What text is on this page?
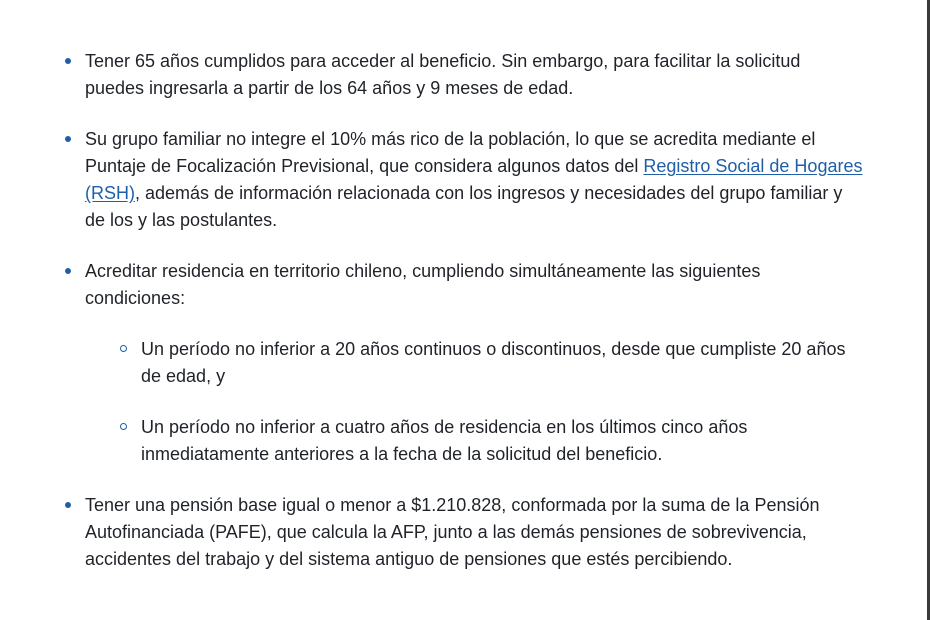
Tener 65 años cumplidos para acceder al beneficio. Sin embargo, para facilitar la solicitud puedes ingresarla a partir de los 64 años y 9 meses de edad.
Su grupo familiar no integre el 10% más rico de la población, lo que se acredita mediante el Puntaje de Focalización Previsional, que considera algunos datos del Registro Social de Hogares (RSH), además de información relacionada con los ingresos y necesidades del grupo familiar y de los y las postulantes.
Acreditar residencia en territorio chileno, cumpliendo simultáneamente las siguientes condiciones:
Un período no inferior a 20 años continuos o discontinuos, desde que cumpliste 20 años de edad, y
Un período no inferior a cuatro años de residencia en los últimos cinco años inmediatamente anteriores a la fecha de la solicitud del beneficio.
Tener una pensión base igual o menor a $1.210.828, conformada por la suma de la Pensión Autofinanciada (PAFE), que calcula la AFP, junto a las demás pensiones de sobrevivencia, accidentes del trabajo y del sistema antiguo de pensiones que estés percibiendo.
